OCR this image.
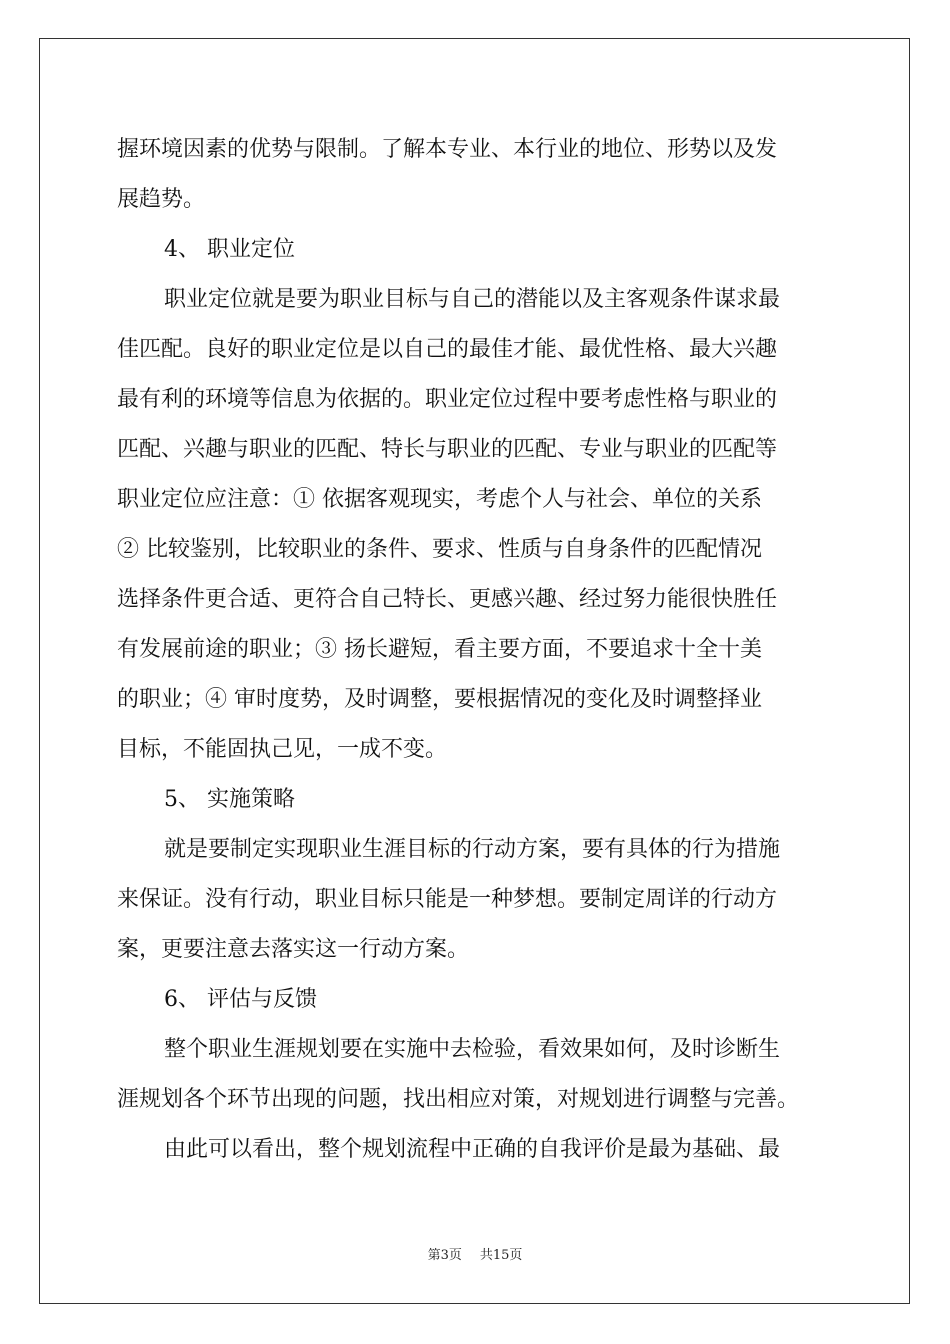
握环境因素的优势与限制。了解本专业、本行业的地位、形势以及发

展趋势。

4、 职业定位

职业定位就是要为职业目标与自己的潜能以及主客观条件谋求最

佳匹配。良好的职业定位是以自己的最佳才能、最优性格、最大兴趣

最有利的环境等信息为依据的。职业定位过程中要考虑性格与职业的

匹配、兴趣与职业的匹配、特长与职业的匹配、专业与职业的匹配等

职业定位应注意：① 依据客观现实，考虑个人与社会、单位的关系

② 比较鉴别，比较职业的条件、要求、性质与自身条件的匹配情况

选择条件更合适、更符合自己特长、更感兴趣、经过努力能很快胜任

有发展前途的职业；③ 扬长避短，看主要方面，不要追求十全十美

的职业；④ 审时度势，及时调整，要根据情况的变化及时调整择业

目标，不能固执己见，一成不变。

5、 实施策略

就是要制定实现职业生涯目标的行动方案，要有具体的行为措施

来保证。没有行动，职业目标只能是一种梦想。要制定周详的行动方

案，更要注意去落实这一行动方案。

6、 评估与反馈

整个职业生涯规划要在实施中去检验，看效果如何，及时诊断生

涯规划各个环节出现的问题，找出相应对策，对规划进行调整与完善。

由此可以看出，整个规划流程中正确的自我评价是最为基础、最

第3页 共15页
